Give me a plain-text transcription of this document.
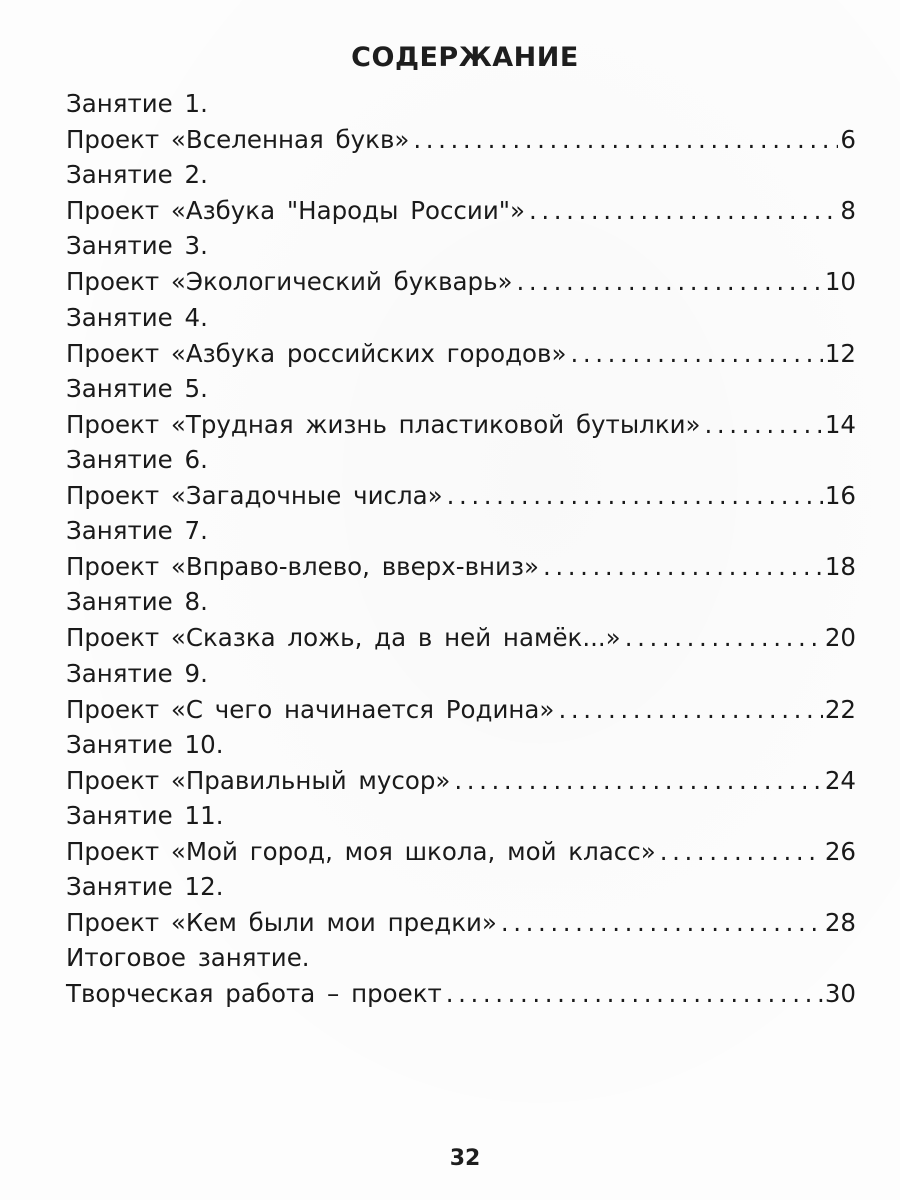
СОДЕРЖАНИЕ
Занятие 1.
Проект «Вселенная букв» . . .	6
Занятие 2.
Проект «Азбука "Народы России"» . . .	8
Занятие 3.
Проект «Экологический букварь» . . .	10
Занятие 4.
Проект «Азбука российских городов» . . .	12
Занятие 5.
Проект «Трудная жизнь пластиковой бутылки» . . .	14
Занятие 6.
Проект «Загадочные числа» . . .	16
Занятие 7.
Проект «Вправо-влево, вверх-вниз» . . .	18
Занятие 8.
Проект «Сказка ложь, да в ней намёк...» . . .	20
Занятие 9.
Проект «С чего начинается Родина» . . .	22
Занятие 10.
Проект «Правильный мусор» . . .	24
Занятие 11.
Проект «Мой город, моя школа, мой класс» . . .	26
Занятие 12.
Проект «Кем были мои предки» . . .	28
Итоговое занятие.
Творческая работа – проект . . .	30
32
